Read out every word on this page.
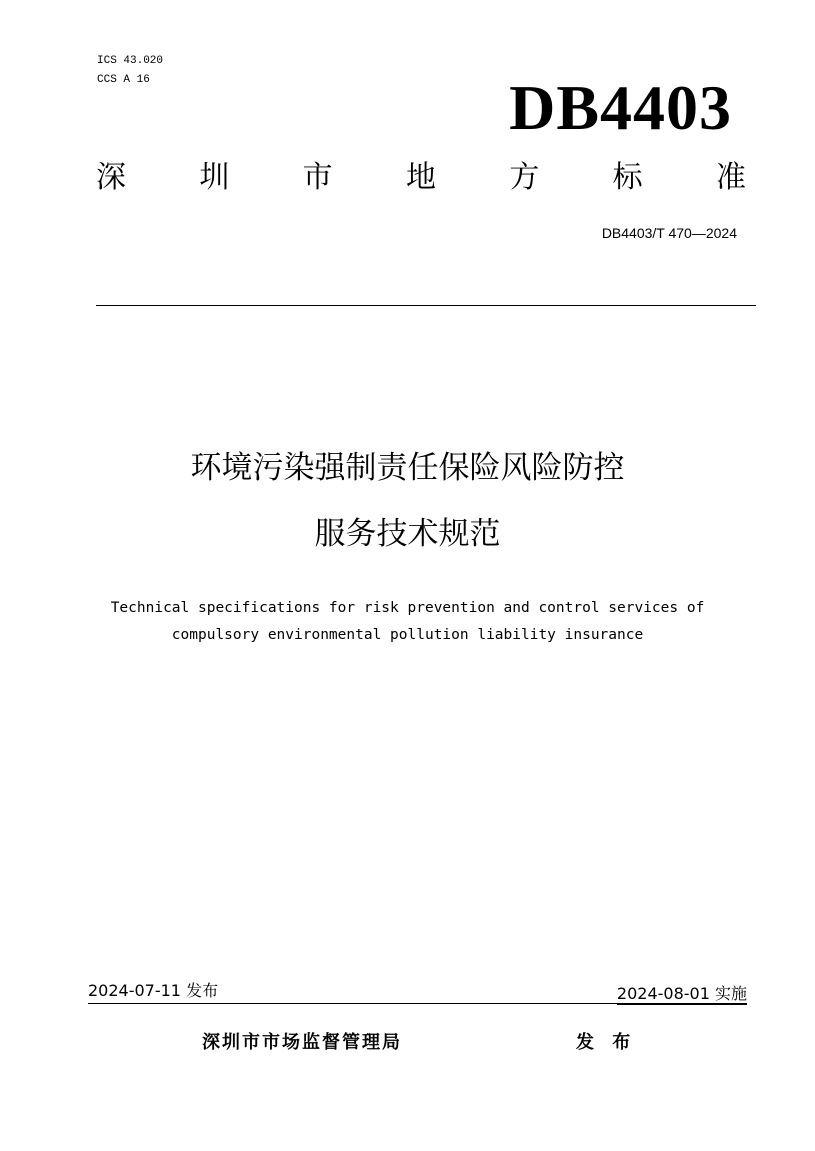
ICS 43.020
CCS A 16	DB4403
深 圳 市 地 方 标 准
DB4403/T 470—2024
环境污染强制责任保险风险防控
服务技术规范
Technical specifications for risk prevention and control services of
compulsory environmental pollution liability insurance
2024-07-11 发布	2024-08-01 实施
深圳市市场监督管理局	发 布
